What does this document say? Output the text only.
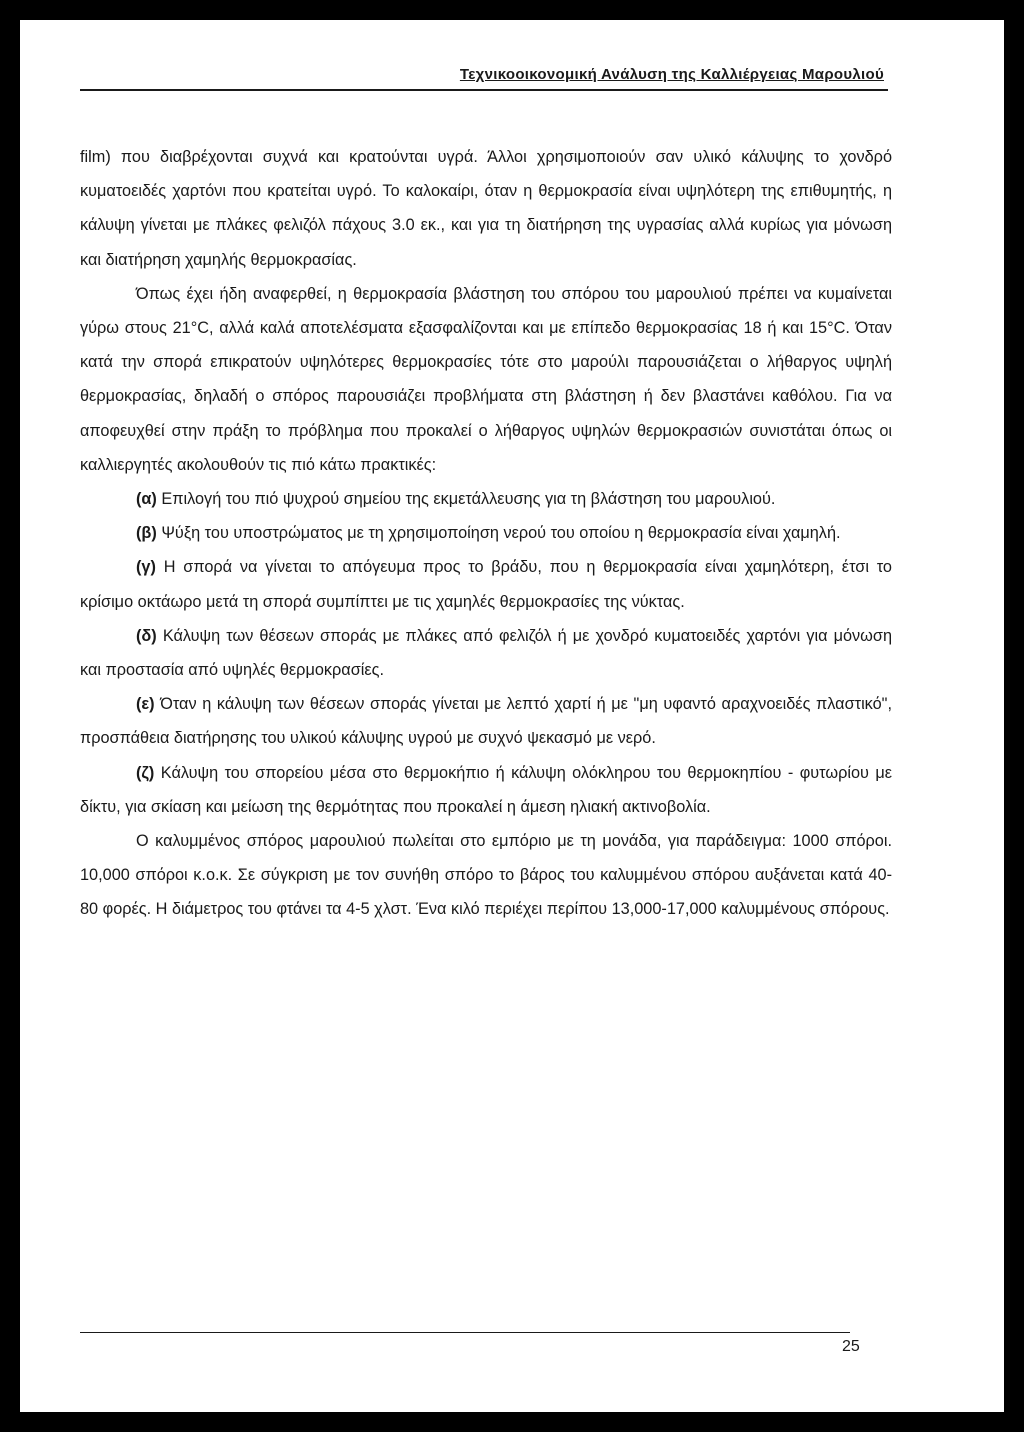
Τεχνικοοικονομική Ανάλυση της Καλλιέργειας Μαρουλιού

film) που διαβρέχονται συχνά και κρατούνται υγρά. Άλλοι χρησιμοποιούν σαν υλικό κάλυψης το χονδρό κυματοειδές χαρτόνι που κρατείται υγρό. Το καλοκαίρι, όταν η θερμοκρασία είναι υψηλότερη της επιθυμητής, η κάλυψη γίνεται με πλάκες φελιζόλ πάχους 3.0 εκ., και για τη διατήρηση της υγρασίας αλλά κυρίως για μόνωση και διατήρηση χαμηλής θερμοκρασίας.

Όπως έχει ήδη αναφερθεί, η θερμοκρασία βλάστηση του σπόρου του μαρουλιού πρέπει να κυμαίνεται γύρω στους 21°C, αλλά καλά αποτελέσματα εξασφαλίζονται και με επίπεδο θερμοκρασίας 18 ή και 15°C. Όταν κατά την σπορά επικρατούν υψηλότερες θερμοκρασίες τότε στο μαρούλι παρουσιάζεται ο λήθαργος υψηλή θερμοκρασίας, δηλαδή ο σπόρος παρουσιάζει προβλήματα στη βλάστηση ή δεν βλαστάνει καθόλου. Για να αποφευχθεί στην πράξη το πρόβλημα που προκαλεί ο λήθαργος υψηλών θερμοκρασιών συνιστάται όπως οι καλλιεργητές ακολουθούν τις πιό κάτω πρακτικές:

(α) Επιλογή του πιό ψυχρού σημείου της εκμετάλλευσης για τη βλάστηση του μαρουλιού.

(β) Ψύξη του υποστρώματος με τη χρησιμοποίηση νερού του οποίου η θερμοκρασία είναι χαμηλή.

(γ) Η σπορά να γίνεται το απόγευμα προς το βράδυ, που η θερμοκρασία είναι χαμηλότερη, έτσι το κρίσιμο οκτάωρο μετά τη σπορά συμπίπτει με τις χαμηλές θερμοκρασίες της νύκτας.

(δ) Κάλυψη των θέσεων σποράς με πλάκες από φελιζόλ ή με χονδρό κυματοειδές χαρτόνι για μόνωση και προστασία από υψηλές θερμοκρασίες.

(ε) Όταν η κάλυψη των θέσεων σποράς γίνεται με λεπτό χαρτί ή με "μη υφαντό αραχνοειδές πλαστικό", προσπάθεια διατήρησης του υλικού κάλυψης υγρού με συχνό ψεκασμό με νερό.

(ζ) Κάλυψη του σπορείου μέσα στο θερμοκήπιο ή κάλυψη ολόκληρου του θερμοκηπίου - φυτωρίου με δίκτυ, για σκίαση και μείωση της θερμότητας που προκαλεί η άμεση ηλιακή ακτινοβολία.

Ο καλυμμένος σπόρος μαρουλιού πωλείται στο εμπόριο με τη μονάδα, για παράδειγμα: 1000 σπόροι. 10,000 σπόροι κ.ο.κ. Σε σύγκριση με τον συνήθη σπόρο το βάρος του καλυμμένου σπόρου αυξάνεται κατά 40-80 φορές. Η διάμετρος του φτάνει τα 4-5 χλστ. Ένα κιλό περιέχει περίπου 13,000-17,000 καλυμμένους σπόρους.

25
